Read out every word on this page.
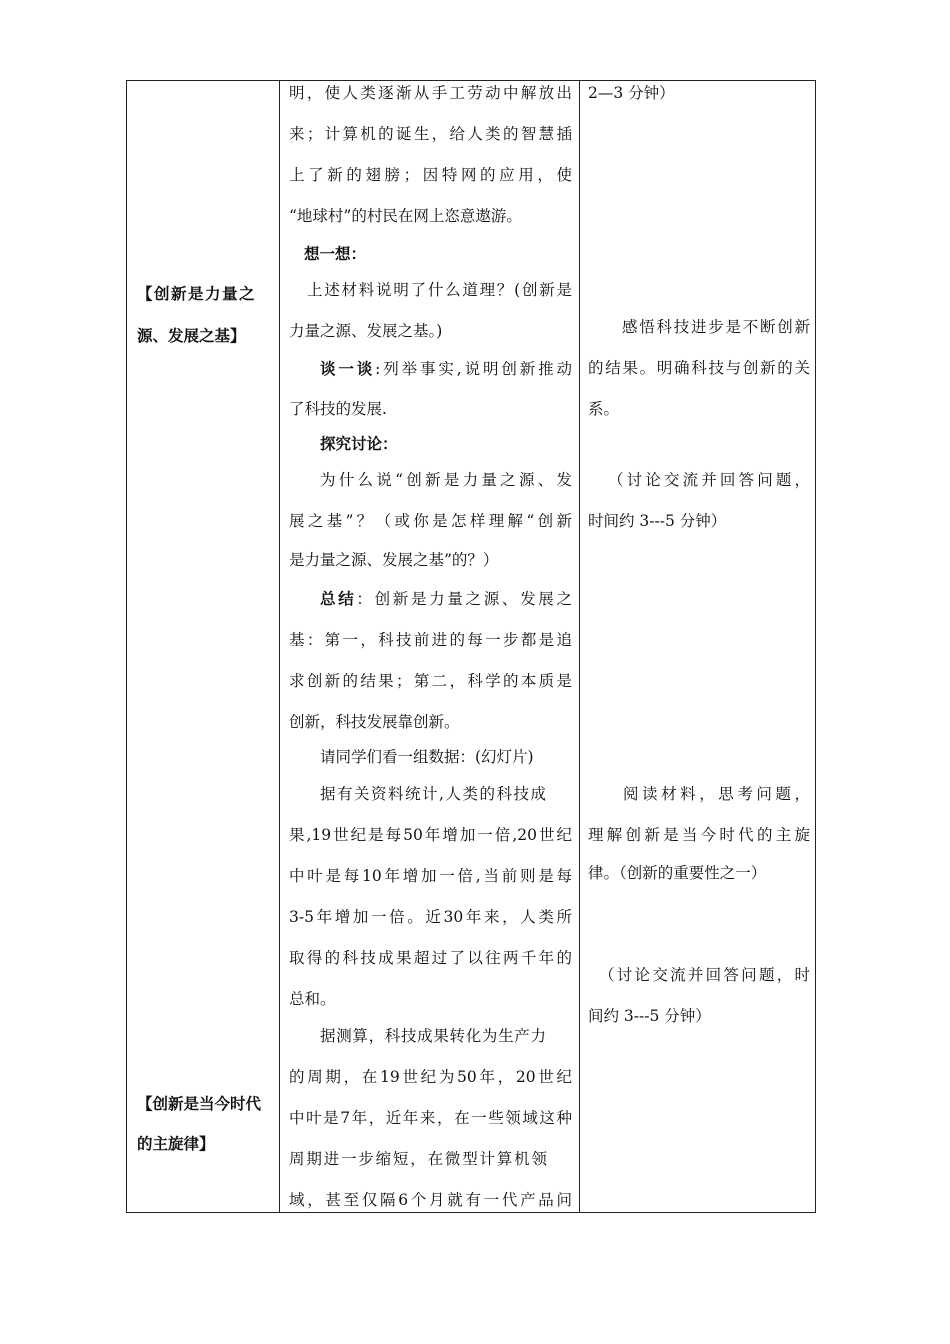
【创新是力量之
源、发展之基】
【创新是当今时代
的主旋律】
明，使人类逐渐从手工劳动中解放出
来；计算机的诞生，给人类的智慧插
上了新的翅膀；因特网的应用，使
“地球村”的村民在网上恣意遨游。
想一想：
上述材料说明了什么道理？(创新是
力量之源、发展之基。)
谈一谈:列举事实,说明创新推动
了科技的发展.
探究讨论：
为什么说“创新是力量之源、发
展之基”？（或你是怎样理解“创新
是力量之源、发展之基”的？）
总结：创新是力量之源、发展之
基：第一，科技前进的每一步都是追
求创新的结果；第二，科学的本质是
创新，科技发展靠创新。
请同学们看一组数据：(幻灯片)
据有关资料统计,人类的科技成
果,19世纪是每50年增加一倍,20世纪
中叶是每10年增加一倍,当前则是每
3-5年增加一倍。近30年来，人类所
取得的科技成果超过了以往两千年的
总和。
据测算，科技成果转化为生产力
的周期，在19世纪为50年，20世纪
中叶是7年，近年来，在一些领域这种
周期进一步缩短，在微型计算机领
域，甚至仅隔6个月就有一代产品问
2—3 分钟）
感悟科技进步是不断创新
的结果。明确科技与创新的关
系。
（讨论交流并回答问题，
时间约 3---5 分钟）
阅读材料，思考问题，
理解创新是当今时代的主旋
律。（创新的重要性之一）
（讨论交流并回答问题，时
间约 3---5 分钟）
